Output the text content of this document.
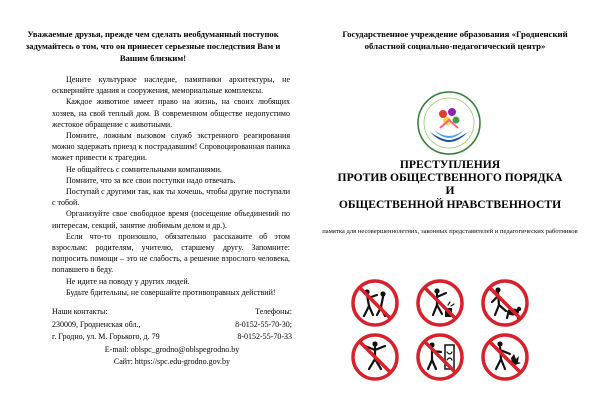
Уважаемые друзья, прежде чем сделать необдуманный поступок задумайтесь о том, что он принесет серьезные последствия Вам и Вашим близким!

Цените культурное наследие, памятники архитектуры, не оскверняйте здания и сооружения, мемориальные комплексы.

Каждое животное имеет право на жизнь, на своих любящих хозяев, на свой теплый дом. В современном обществе недопустимо жестокое обращение с животными.

Помните, ложным вызовом служб экстренного реагирования можно задержать приезд к пострадавшим! Спровоцированная паника может привести к трагедии.

Не общайтесь с сомнительными компаниями.

Помните, что за все свои поступки надо отвечать.

Поступай с другими так, как ты хочешь, чтобы другие поступали с тобой.

Организуйте свое свободное время (посещение объединений по интересам, секций, занятие любимым делом и др.).

Если что-то произошло, обязательно расскажите об этом взрослым: родителям, учителю, старшему другу. Запомните: попросить помощи – это не слабость, а решение взрослого человека, попавшего в беду.

Не идите на поводу у других людей.

Будьте бдительны, не совершайте противоправных действий!

Наши контакты:	Телефоны:
230009, Гродненская обл.,	8-0152-55-70-30;
г. Гродно, ул. М. Горького, д. 79	8-0152-55-70-33
E-mail: oblspc_grodno@oblspegrodno.by
Сайт: https://spc.edu-grodno.gov.by
Государственное учреждение образования «Гродненский областной социально-педагогический центр»
ПРЕСТУПЛЕНИЯ
ПРОТИВ ОБЩЕСТВЕННОГО ПОРЯДКА
И
ОБЩЕСТВЕННОЙ НРАВСТВЕННОСТИ
памятка для несовершеннолетних, законных представителей и педагогических работников
